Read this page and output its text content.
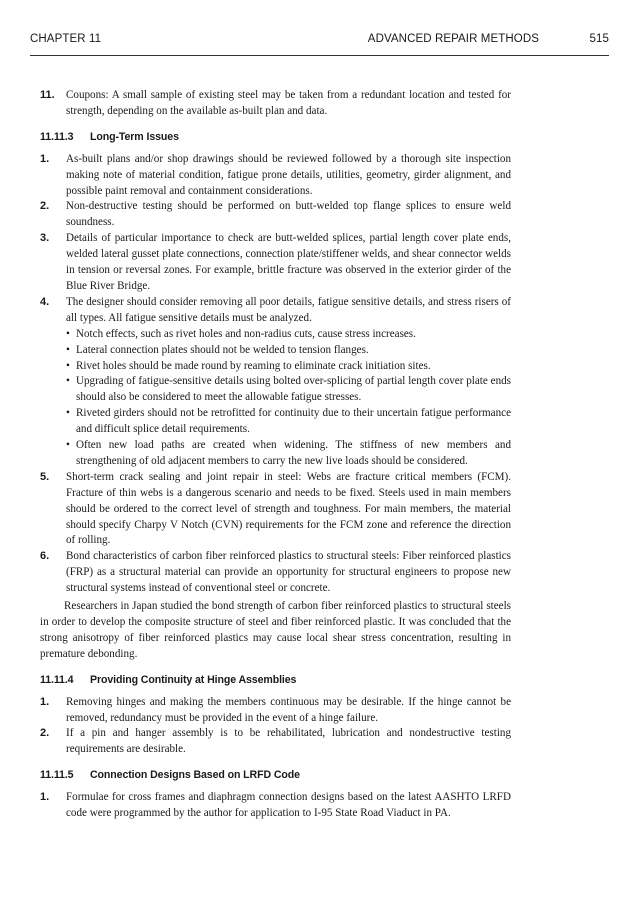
CHAPTER 11	ADVANCED REPAIR METHODS	515
11. Coupons: A small sample of existing steel may be taken from a redundant location and tested for strength, depending on the available as-built plan and data.
11.11.3 Long-Term Issues
1. As-built plans and/or shop drawings should be reviewed followed by a thorough site inspection making note of material condition, fatigue prone details, utilities, geometry, girder alignment, and possible paint removal and containment considerations.
2. Non-destructive testing should be performed on butt-welded top flange splices to ensure weld soundness.
3. Details of particular importance to check are butt-welded splices, partial length cover plate ends, welded lateral gusset plate connections, connection plate/stiffener welds, and shear connector welds in tension or reversal zones. For example, brittle fracture was observed in the exterior girder of the Blue River Bridge.
4. The designer should consider removing all poor details, fatigue sensitive details, and stress risers of all types. All fatigue sensitive details must be analyzed.
• Notch effects, such as rivet holes and non-radius cuts, cause stress increases.
• Lateral connection plates should not be welded to tension flanges.
• Rivet holes should be made round by reaming to eliminate crack initiation sites.
• Upgrading of fatigue-sensitive details using bolted over-splicing of partial length cover plate ends should also be considered to meet the allowable fatigue stresses.
• Riveted girders should not be retrofitted for continuity due to their uncertain fatigue performance and difficult splice detail requirements.
• Often new load paths are created when widening. The stiffness of new members and strengthening of old adjacent members to carry the new live loads should be considered.
5. Short-term crack sealing and joint repair in steel: Webs are fracture critical members (FCM). Fracture of thin webs is a dangerous scenario and needs to be fixed. Steels used in main members should be ordered to the correct level of strength and toughness. For main members, the material should specify Charpy V Notch (CVN) requirements for the FCM zone and reference the direction of rolling.
6. Bond characteristics of carbon fiber reinforced plastics to structural steels: Fiber reinforced plastics (FRP) as a structural material can provide an opportunity for structural engineers to propose new structural systems instead of conventional steel or concrete.
Researchers in Japan studied the bond strength of carbon fiber reinforced plastics to structural steels in order to develop the composite structure of steel and fiber reinforced plastic. It was concluded that the strong anisotropy of fiber reinforced plastics may cause local shear stress concentration, resulting in premature debonding.
11.11.4 Providing Continuity at Hinge Assemblies
1. Removing hinges and making the members continuous may be desirable. If the hinge cannot be removed, redundancy must be provided in the event of a hinge failure.
2. If a pin and hanger assembly is to be rehabilitated, lubrication and nondestructive testing requirements are desirable.
11.11.5 Connection Designs Based on LRFD Code
1. Formulae for cross frames and diaphragm connection designs based on the latest AASHTO LRFD code were programmed by the author for application to I-95 State Road Viaduct in PA.
